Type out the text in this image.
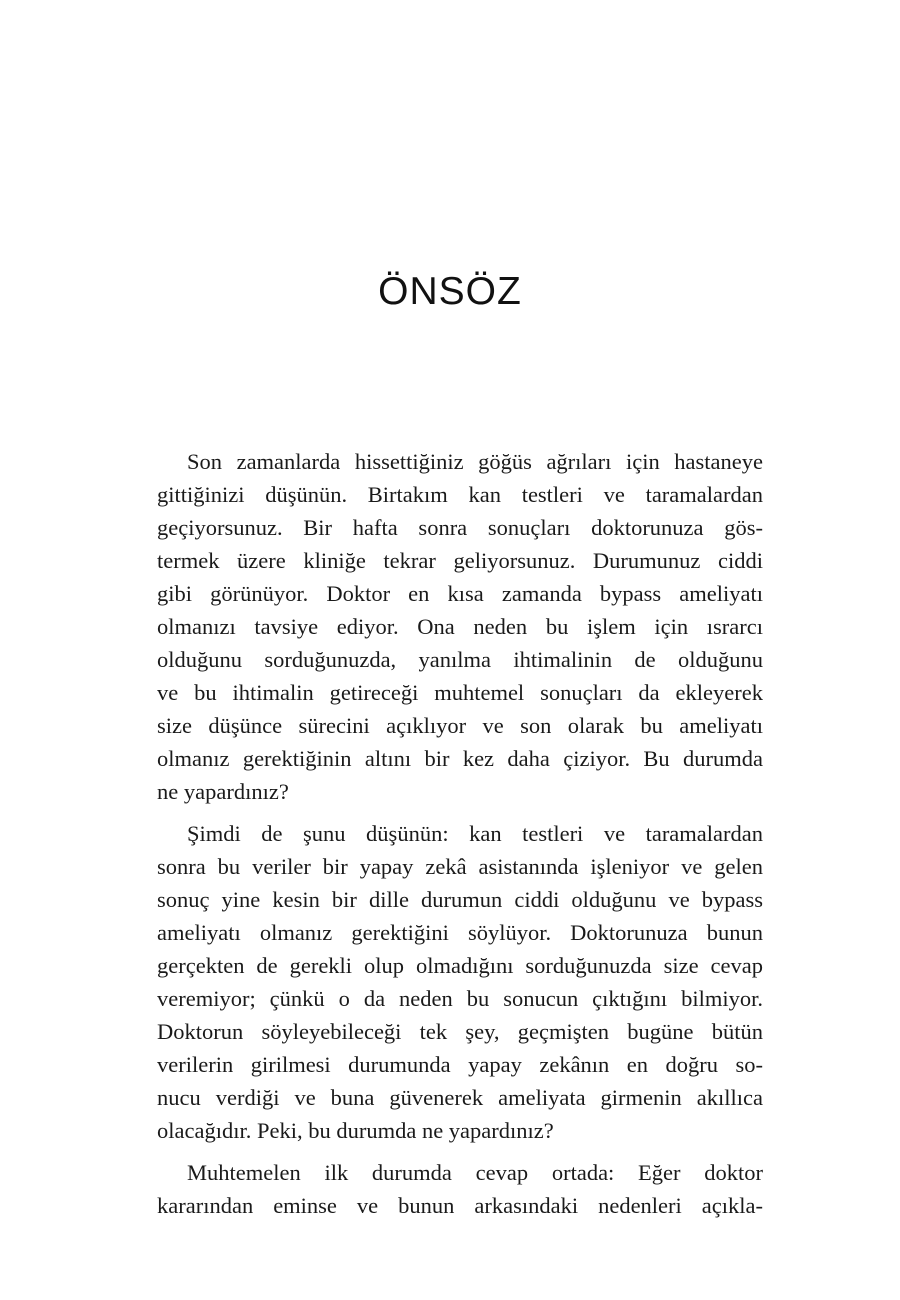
ÖNSÖZ
Son zamanlarda hissettiğiniz göğüs ağrıları için hastaneye
gittiğinizi düşünün. Birtakım kan testleri ve taramalardan
geçiyorsunuz. Bir hafta sonra sonuçları doktorunuza gös-
termek üzere kliniğe tekrar geliyorsunuz. Durumunuz ciddi
gibi görünüyor. Doktor en kısa zamanda bypass ameliyatı
olmanızı tavsiye ediyor. Ona neden bu işlem için ısrarcı
olduğunu sorduğunuzda, yanılma ihtimalinin de olduğunu
ve bu ihtimalin getireceği muhtemel sonuçları da ekleyerek
size düşünce sürecini açıklıyor ve son olarak bu ameliyatı
olmanız gerektiğinin altını bir kez daha çiziyor. Bu durumda
ne yapardınız?
Şimdi de şunu düşünün: kan testleri ve taramalardan
sonra bu veriler bir yapay zekâ asistanında işleniyor ve gelen
sonuç yine kesin bir dille durumun ciddi olduğunu ve bypass
ameliyatı olmanız gerektiğini söylüyor. Doktorunuza bunun
gerçekten de gerekli olup olmadığını sorduğunuzda size cevap
veremiyor; çünkü o da neden bu sonucun çıktığını bilmiyor.
Doktorun söyleyebileceği tek şey, geçmişten bugüne bütün
verilerin girilmesi durumunda yapay zekânın en doğru so-
nucu verdiği ve buna güvenerek ameliyata girmenin akıllıca
olacağıdır. Peki, bu durumda ne yapardınız?
Muhtemelen ilk durumda cevap ortada: Eğer doktor
kararından eminse ve bunun arkasındaki nedenleri açıkla-
